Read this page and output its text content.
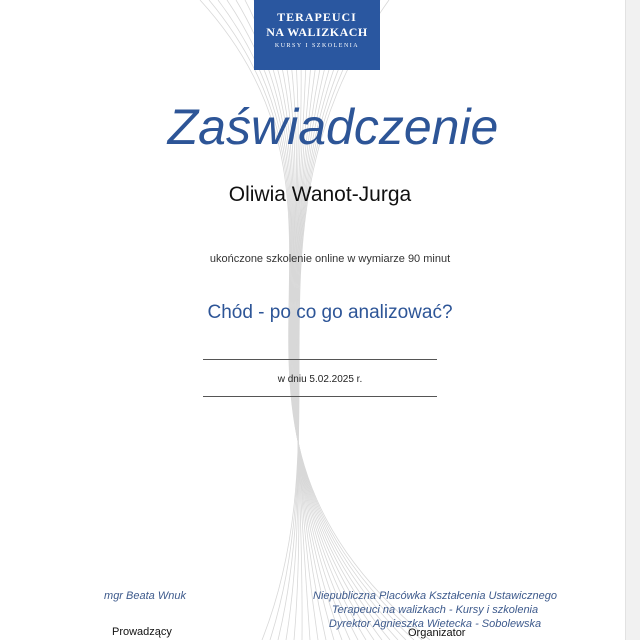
TERAPEUCI
NA WALIZKACH
KURSY I SZKOLENIA
Zaświadczenie
Oliwia Wanot-Jurga
ukończone szkolenie online w wymiarze 90 minut
Chód - po co go analizować?
w dniu 5.02.2025 r.
mgr Beata Wnuk
Prowadzący
Niepubliczna Placówka Kształcenia Ustawicznego
Terapeuci na walizkach - Kursy i szkolenia
Dyrektor Agnieszka Wietecka - Sobolewska
Organizator
